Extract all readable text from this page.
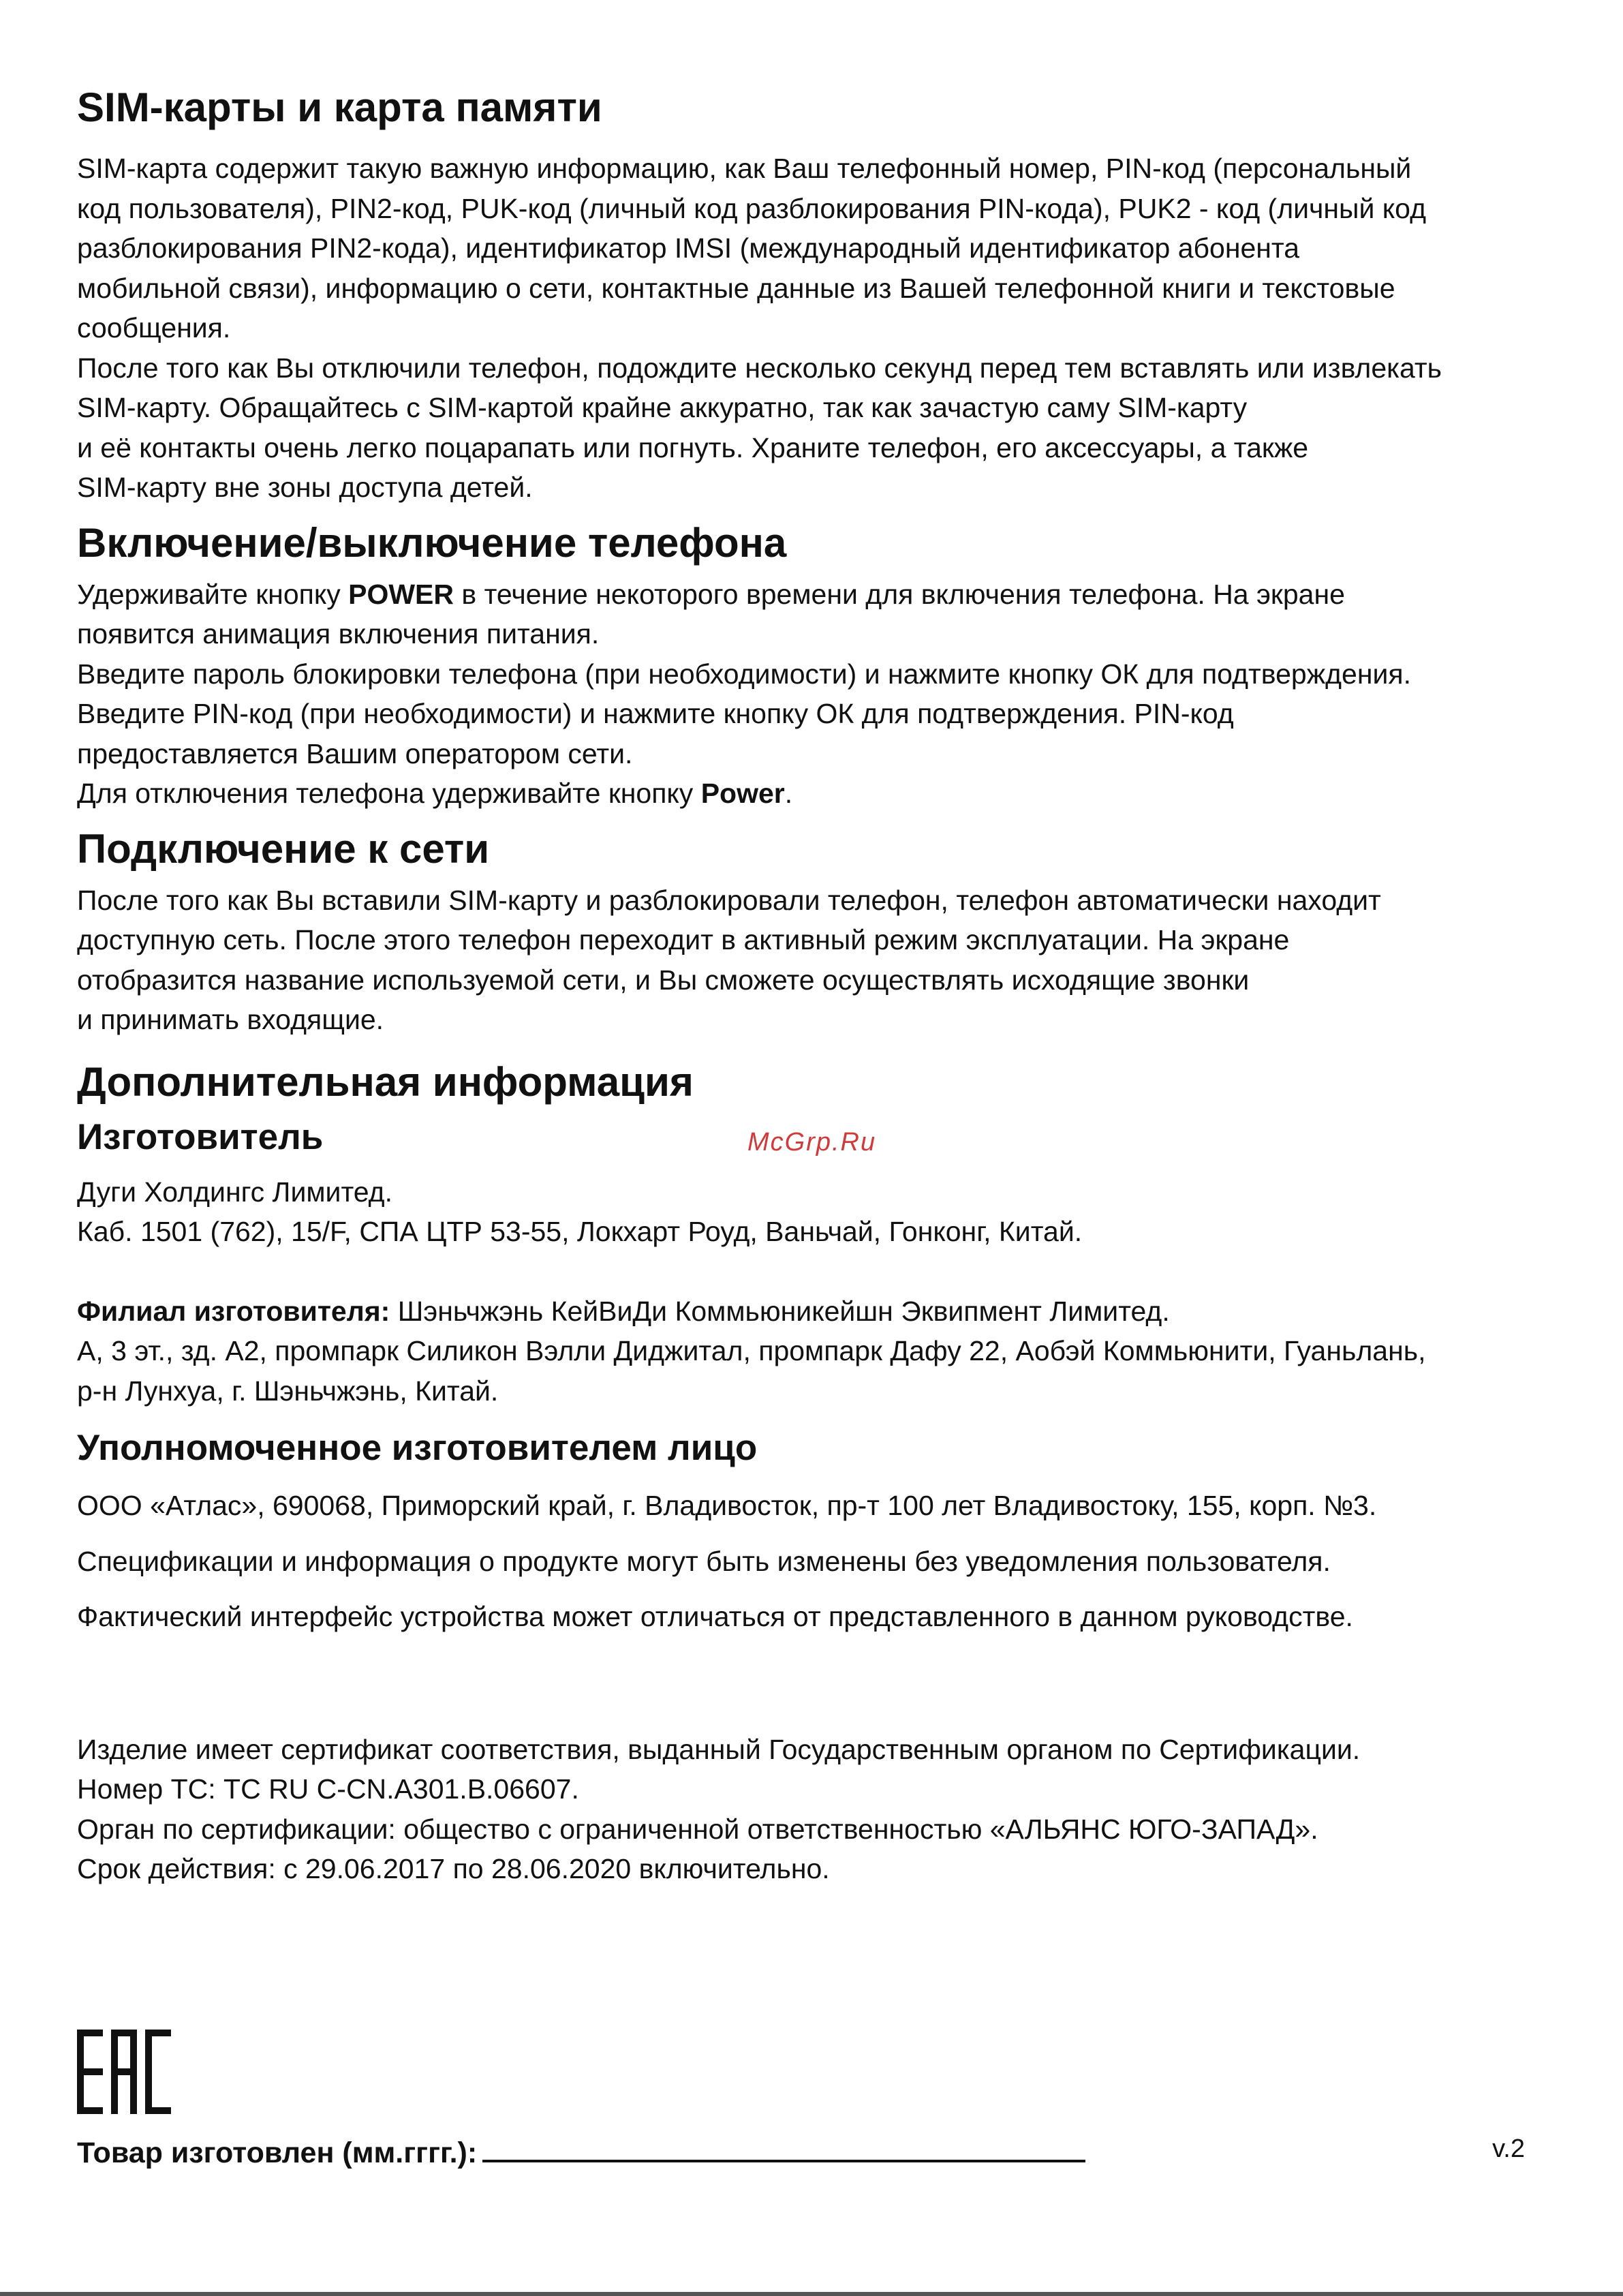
SIM-карты и карта памяти

SIM-карта содержит такую важную информацию, как Ваш телефонный номер, PIN-код (персональный
код пользователя), PIN2-код, PUK-код (личный код разблокирования PIN-кода), PUK2 - код (личный код
разблокирования PIN2-кода), идентификатор IMSI (международный идентификатор абонента
мобильной связи), информацию о сети, контактные данные из Вашей телефонной книги и текстовые
сообщения.
После того как Вы отключили телефон, подождите несколько секунд перед тем вставлять или извлекать
SIM-карту. Обращайтесь с SIM-картой крайне аккуратно, так как зачастую саму SIM-карту
и её контакты очень легко поцарапать или погнуть. Храните телефон, его аксессуары, а также
SIM-карту вне зоны доступа детей.

Включение/выключение телефона

Удерживайте кнопку POWER в течение некоторого времени для включения телефона. На экране
появится анимация включения питания.
Введите пароль блокировки телефона (при необходимости) и нажмите кнопку ОК для подтверждения.
Введите PIN-код (при необходимости) и нажмите кнопку ОК для подтверждения. PIN-код
предоставляется Вашим оператором сети.
Для отключения телефона удерживайте кнопку Power.

Подключение к сети

После того как Вы вставили SIM-карту и разблокировали телефон, телефон автоматически находит
доступную сеть. После этого телефон переходит в активный режим эксплуатации. На экране
отобразится название используемой сети, и Вы сможете осуществлять исходящие звонки
и принимать входящие.

Дополнительная информация
Изготовитель

Дуги Холдингс Лимитед.
Каб. 1501 (762), 15/F, СПА ЦТР 53-55, Локхарт Роуд, Ваньчай, Гонконг, Китай.

Филиал изготовителя: Шэньчжэнь КейВиДи Коммьюникейшн Эквипмент Лимитед.
A, 3 эт., зд. A2, промпарк Силикон Вэлли Диджитал, промпарк Дафу 22, Аобэй Коммьюнити, Гуаньлань,
р-н Лунхуа, г. Шэньчжэнь, Китай.

Уполномоченное изготовителем лицо

ООО «Атлас», 690068, Приморский край, г. Владивосток, пр-т 100 лет Владивостоку, 155, корп. №3.

Спецификации и информация о продукте могут быть изменены без уведомления пользователя.

Фактический интерфейс устройства может отличаться от представленного в данном руководстве.

Изделие имеет сертификат соответствия, выданный Государственным органом по Сертификации.
Номер ТС: ТС RU C-CN.A301.B.06607.
Орган по сертификации: общество с ограниченной ответственностью «АЛЬЯНС ЮГО-ЗАПАД».
Срок действия: с 29.06.2017 по 28.06.2020 включительно.

McGrp.Ru
Товар изготовлен (мм.гггг.):	v.2
